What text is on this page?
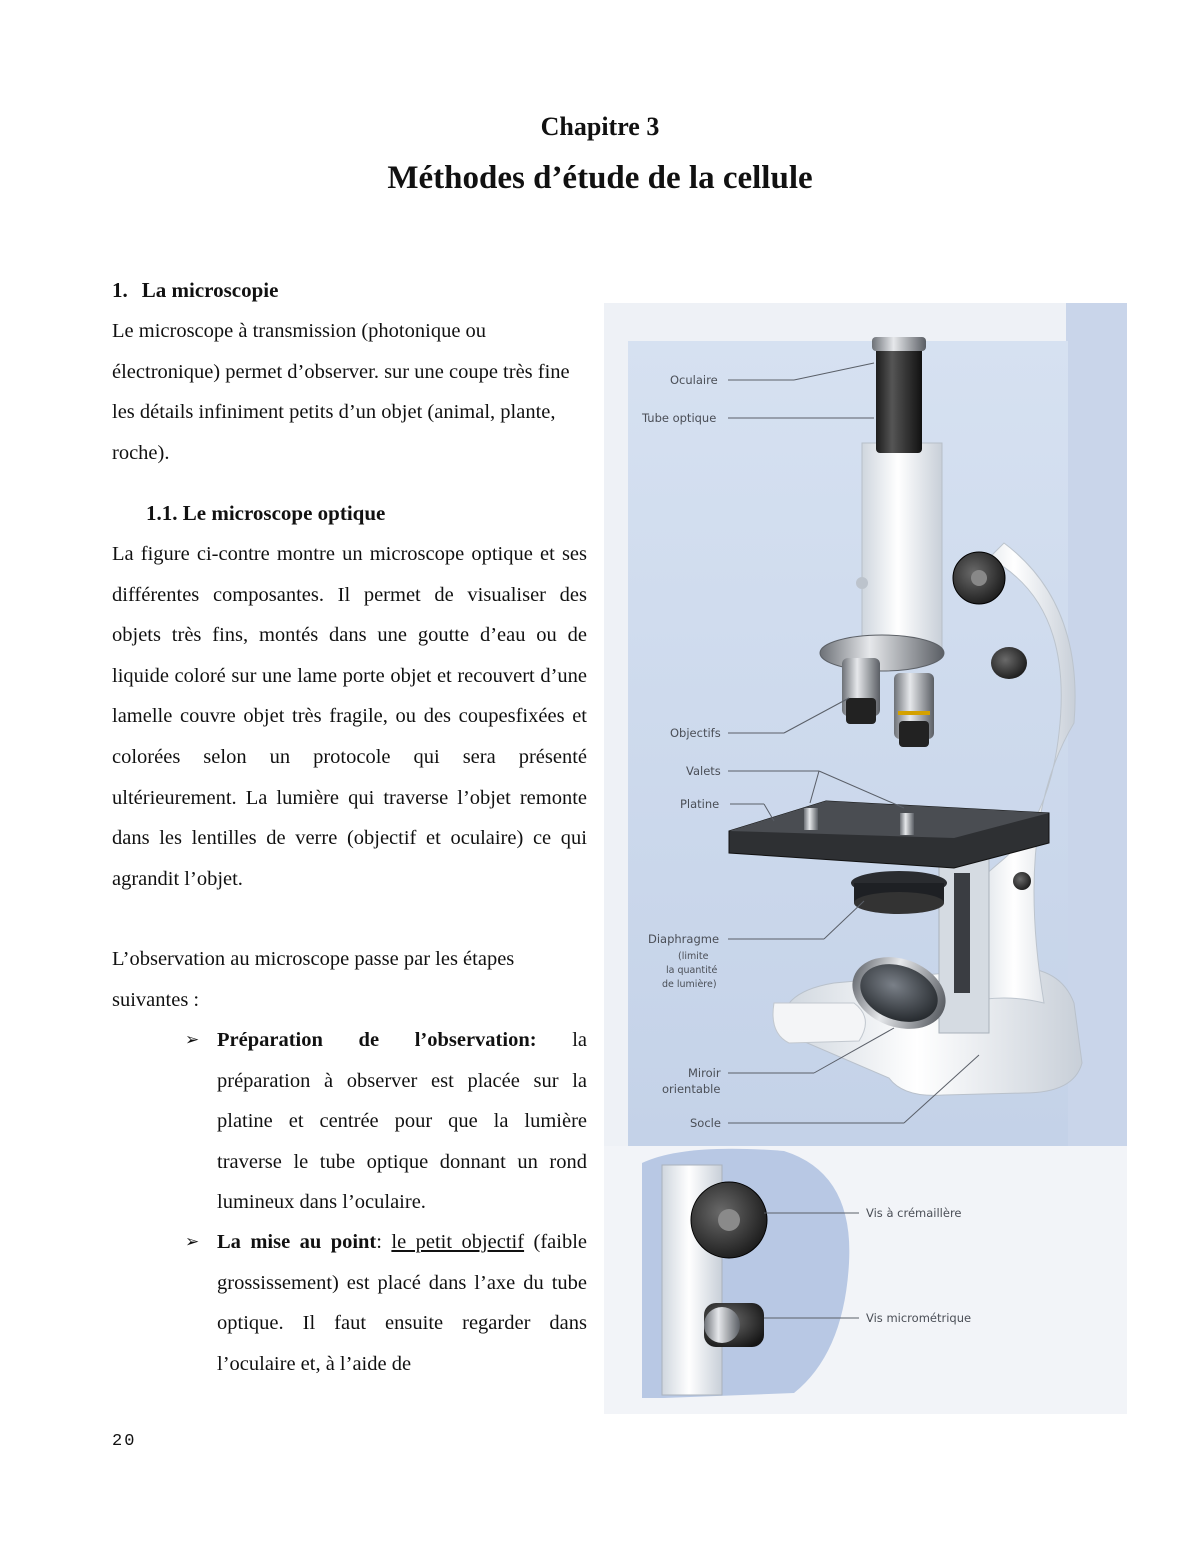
Chapitre 3
Méthodes d’étude de la cellule
1. La microscopie
Le microscope à transmission (photonique ou électronique) permet d’observer. sur une coupe très fine les détails infiniment petits d’un objet (animal, plante, roche).
1.1. Le microscope optique
La figure ci-contre montre un microscope optique et ses différentes composantes. Il permet de visualiser des objets très fins, montés dans une goutte d’eau ou de liquide coloré sur une lame porte objet et recouvert d’une lamelle couvre objet très fragile, ou des coupesfixées et colorées selon un protocole qui sera présenté ultérieurement. La lumière qui traverse l’objet remonte dans les lentilles de verre (objectif et oculaire) ce qui agrandit l’objet.
L’observation au microscope passe par les étapes suivantes :
➢ Préparation de l’observation: la préparation à observer est placée sur la platine et centrée pour que la lumière traverse le tube optique donnant un rond lumineux dans l’oculaire.
➢ La mise au point: le petit objectif (faible grossissement) est placé dans l’axe du tube optique. Il faut ensuite regarder dans l’oculaire et, à l’aide de
20
Oculaire
Tube optique
Objectifs
Valets
Platine
Diaphragme
(limite
la quantité
de lumière)
Miroir
orientable
Socle
Vis à crémaillère
Vis micrométrique
